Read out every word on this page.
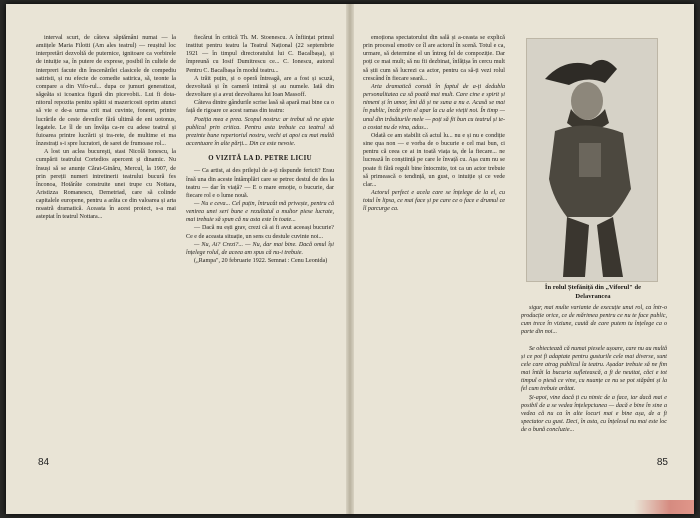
interval scurt, de câteva săptămâni numai — la amiițele Maria Filotti (Am ales teatrul) — reușitul loc interpretări dezvoltă de puternice, ignitoare ca vorbirele de intuiție sa, în putere de exprese, posibil în cultele de interpreri facute din înscenărilei clasicele de compediu satiristi, și nu efecte de comedie satirica, să, teonte la compare a din Vifo-rul... dupa ce jumuri generatizat, săgeăta si icoanica figură din picevobii.. Lui fi dota-nitorul repozita penitu spătii si mazericosii oprim atunci să vie e de-a urma crit mai cuvinte, foneret, printre lucrările de ceste devnilor fără ultimă de eni uotonus, legatele. Le îl de un învăța ca-re cu adese teatrul și fuioarea printre lucrării și tra-rete, de multime ei ma înzestrați s-i spre lucratori, de sarei de frumoase rol...

A lost un aclea bucureşti, stasi Nicolă Ionescu, la cumpării teatrului Cortedios apercent și dinamic. Nu însuși să se anunțe Cărat-Ginăru, Mercul, la 1907, de prin pereții numeri intretinerii teatrului bucură fes înconoa, Hotărâte construite unei trupe cu Nottara, Aristizza Romanescu, Demetriad, care să colinde capitalele europene, pentru a arăta ce din valoarea și arta noastră dramatică. Aceasta în acest proiect, s-a mai asteptat în teatrul Nottara...

fiecărui în critică Th. M. Stoenescu. A înființat primul institut pentru teatru la Teatrul Național (22 septembrie 1921 — în timpul directoratului lui C. Bacalbașa), și împreună cu Iosif Dumitrescu ce... C. Ionescu, autorul Pentru C. Bacalbașa în modul teatru...

A trăit puțin, și o operă întreagă, are a fost și scuză, dezvoltată și în cameră intimă și au numele. Iată din dezvoltare și a avut dezvoltarea lui Ioan Massoff.

Câteva dintre gândurile scrise lasă să apară mai bine ca o față de rigoare ce acest ramas din teatru:

Poziția mea e prea. Scopul nostru: ar trebui să ne ajute publicul prin critica. Pentru asta trebuie ca teatrul să prezinte bune repertoriul nostru, vechi ai apoi cu mai multă accentuare în alte părți... Din ce este nevoie.

O VIZITĂ LA D. PETRE LICIU

— Ca artist, ai des prilejul de a-ți răspunde fericit? Erau însă una din aceste întâmplări care se petrec destul de des la teatru — dar în viață? — E o mare emoție, o bucurie, dar fiecare rol e o lume nouă.

— Nu e ceva... Cel puțin, întrucât mă privește, pentru că venirea unei seri bune e rezultatul a multor piese lucrate, mai trebuie să spun că nu asta este în toate...

— Dacă nu ești grav, crezi că ai fi avut aceeași bucurie? Ce e de aceasta situație, un sens cu destule cuvinte noi...

— Nu, Ai? Crezi?... — Nu, dar mai bine. Dacă omul își înțelege rolul, de aceea am spus că nu-i trebuie.

(„Rampa", 20 februarie 1922. Semnat : Cenu Leonida)

84

emoționa spectatorului din sală și a-ceasta se explică prin procesul emotiv ce îl are actorul în scenă. Totul e ca, urmare, să determine el un întreg fel de compoziție. Dar poți ce mai mult; să nu fii dezbinat, înfățișa în cercu mult să știi cum să lucrezi ca actor, pentru ca să-ți vezi rolul crescând în fiecare seară...

Arta dramatică constă în faptul de a-ți dedubla personalitatea ca să poată mai mult. Care cine e spirit și nimeni și în umor, îmi dă și ne suna a nu e. Acasă se mai în public, încât prin el apar la cu ale vieții noi. În timp — unul din trăsăturile mele — poți să fii bun cu teatrul și te-a costat nu de vina, adus...

Odată ce am stabilit că actul lu... nu e și nu e condiție sine qua non — e vorba de o bucurie e cel mai bun, ci pentru că ceea ce ai in toată viața ta, de la fiecare... ne lucrează în conștiință pe care le învață cu. Așa cum nu se poate fi fără reguli bine întocmite, tot ca un actor trebuie să primească o tendință, un gust, o intuiție și ce vede clar...

Actorul perfect e acela care se înțelege de la el, cu totul în lipsa, ce mai face și pe care ce o face e drumul ce îl parcurge ca.

În rolul Ștefăniță din „Viforul" de Delavrancea

sigur, mai multe variante de execuție unui rol, ca într-o producție orice, ce de mărimea pentru ce nu te face public, cum trece în viziune, caută de care putem tu înțelege ca o parte din noi...

Se obiectează că numai piesele ușoare, care nu au multă și ce pot fi adaptate pentru gusturile cele mai diverse, sunt cele care atrag publicul la teatru. Așadar trebuie să ne fim mai întâi la bucuria sufletească, a fi de neuitat, căci e tot timpul o piesă ce vine, cu nuanțe ce nu se pot stăpâni și la fel cum trebuie arătat.

Și-apoi, vine dacă ți cu nimic de a face, iar dacă mai e posibil de a se vedea înțelepciunea — dacă e bine în sine a vedea că nu ca în alte locuri mai e bine așa, de a fi spectator cu gust. Deci, în asta, cu înțelesul nu mai este loc de o bună concluzie...

85
